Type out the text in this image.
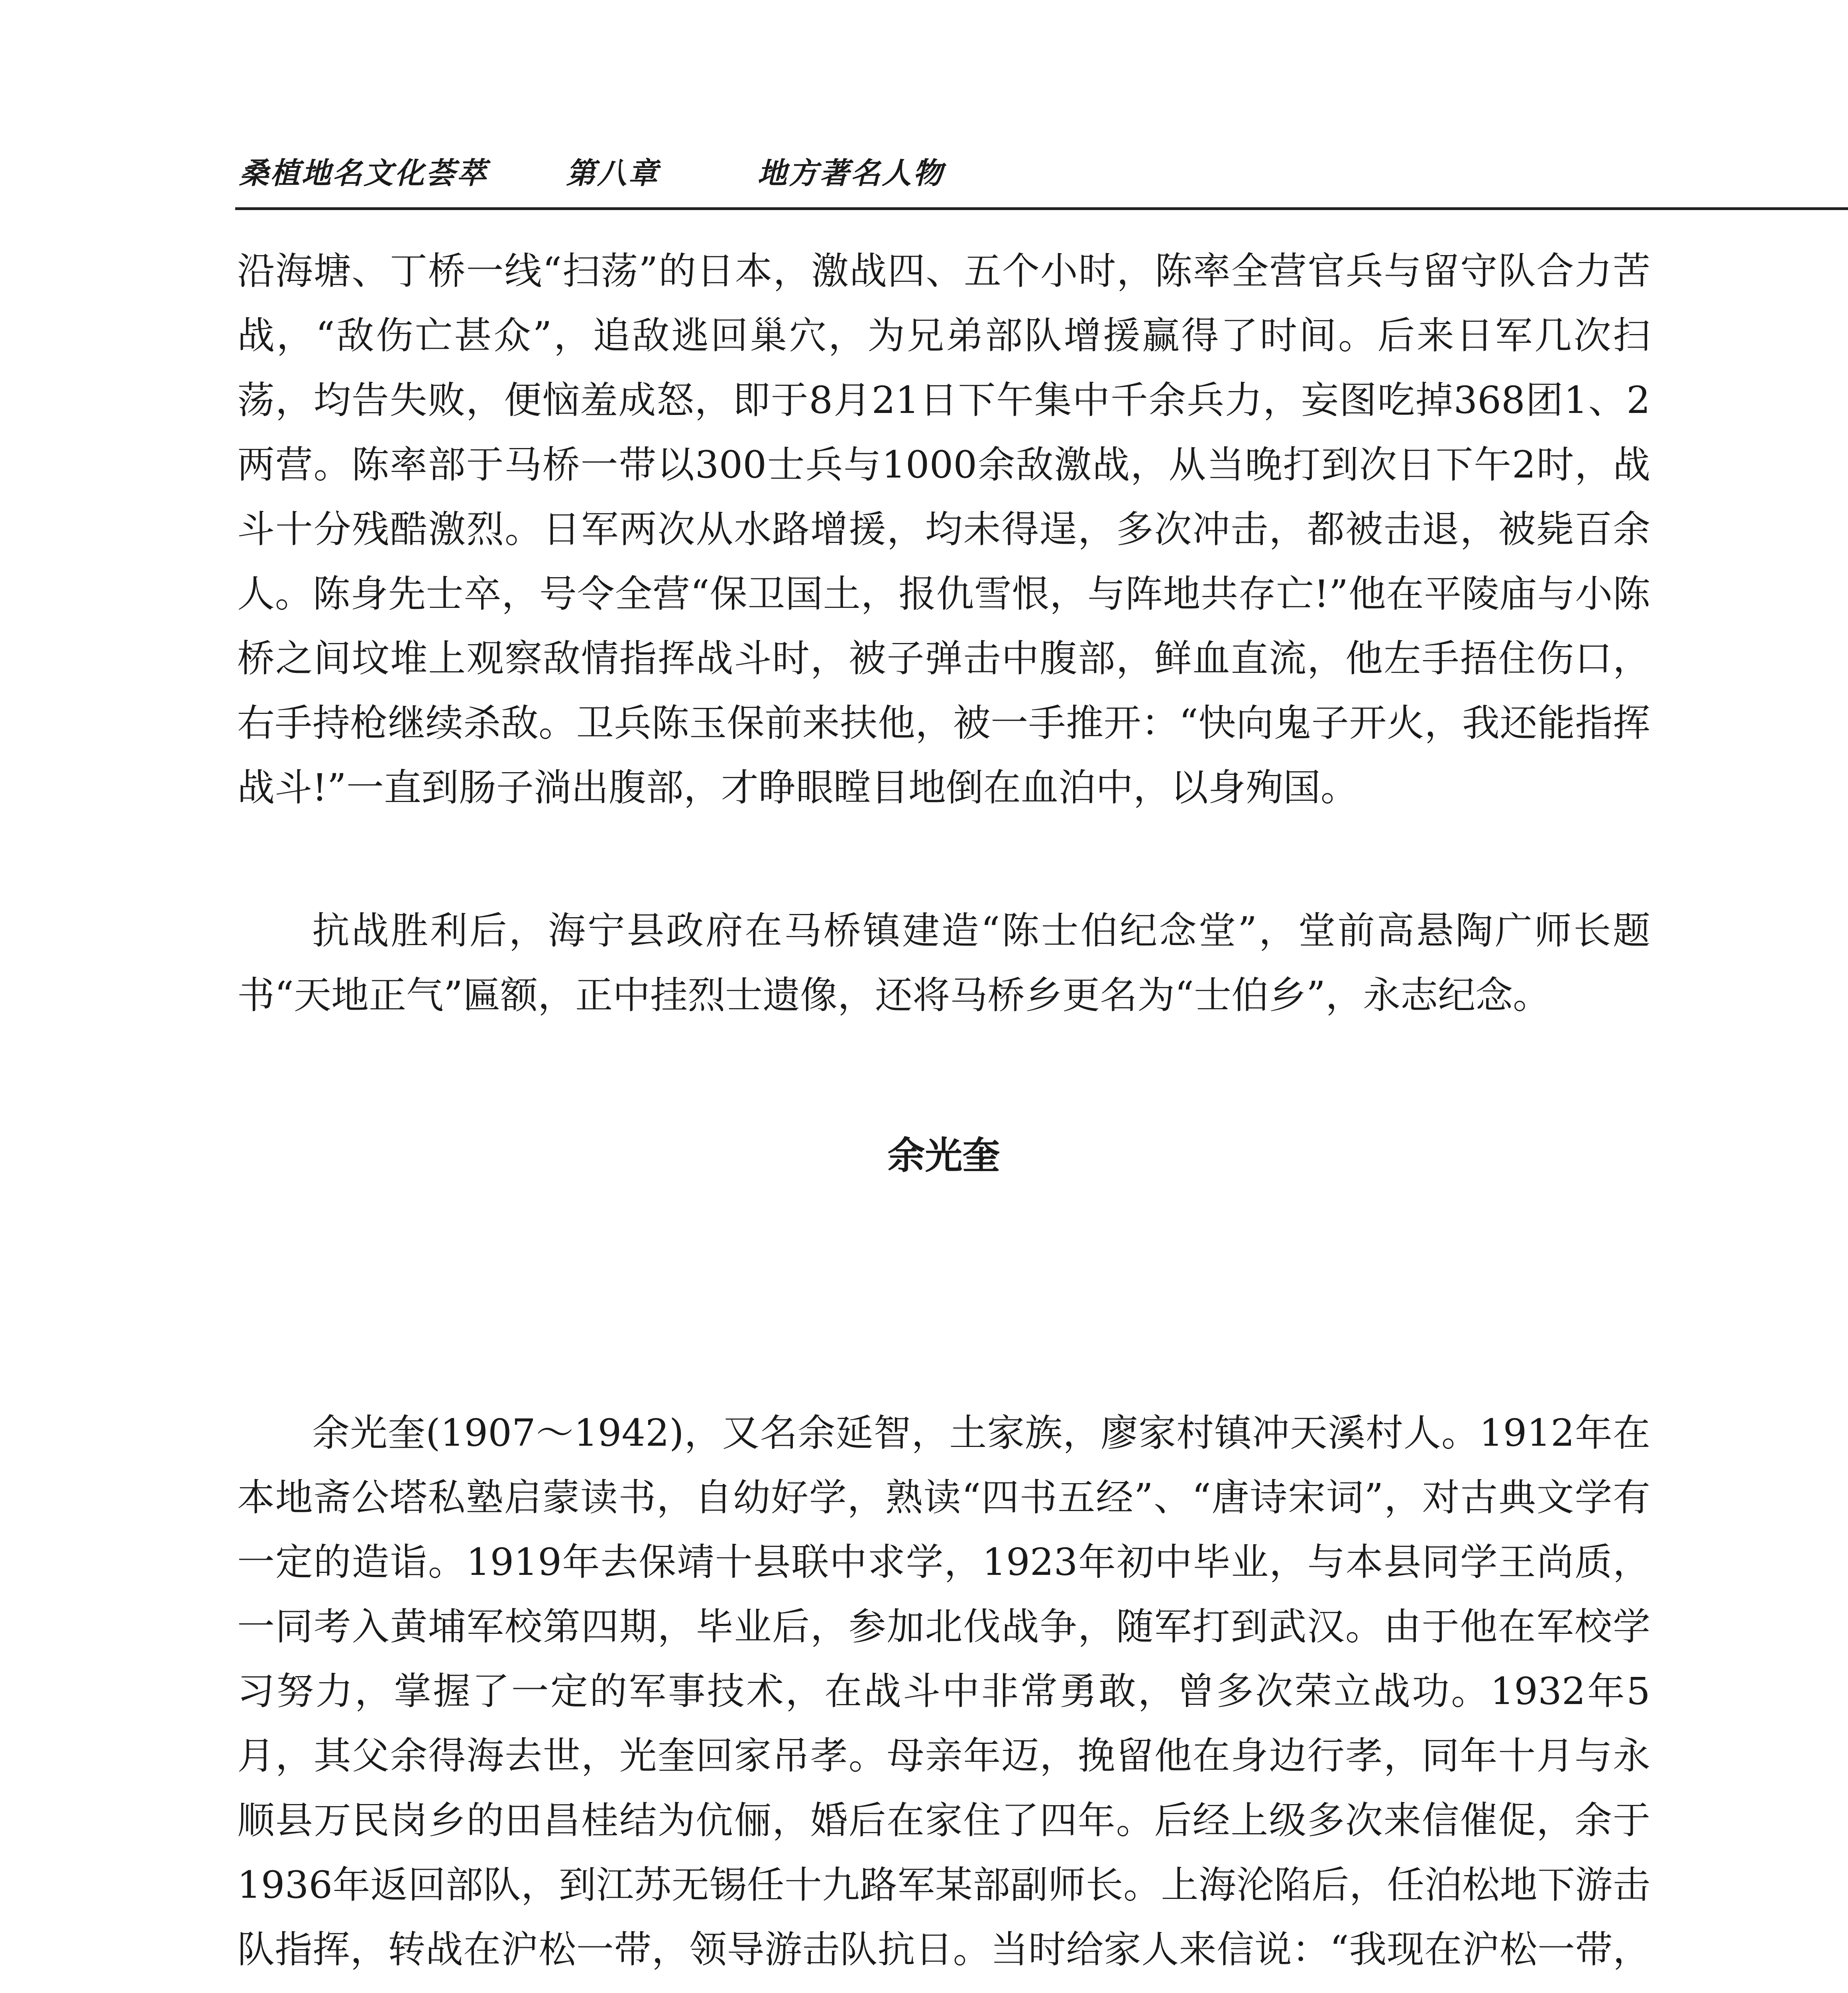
桑植地名文化荟萃	第八章	地方著名人物

沿海塘、丁桥一线“扫荡”的日本，激战四、五个小时，陈率全营官兵与留守队合力苦战，“敌伤亡甚众”，追敌逃回巢穴，为兄弟部队增援赢得了时间。后来日军几次扫荡，均告失败，便恼羞成怒，即于8月21日下午集中千余兵力，妄图吃掉368团1、2两营。陈率部于马桥一带以300士兵与1000余敌激战，从当晚打到次日下午2时，战斗十分残酷激烈。日军两次从水路增援，均未得逞，多次冲击，都被击退，被毙百余人。陈身先士卒，号令全营“保卫国土，报仇雪恨，与阵地共存亡!”他在平陵庙与小陈桥之间坟堆上观察敌情指挥战斗时，被子弹击中腹部，鲜血直流，他左手捂住伤口，右手持枪继续杀敌。卫兵陈玉保前来扶他，被一手推开：“快向鬼子开火，我还能指挥战斗!”一直到肠子淌出腹部，才睁眼瞠目地倒在血泊中，以身殉国。

抗战胜利后，海宁县政府在马桥镇建造“陈士伯纪念堂”，堂前高悬陶广师长题书“天地正气”匾额，正中挂烈士遗像，还将马桥乡更名为“士伯乡”，永志纪念。

余光奎

余光奎(1907～1942)，又名余延智，土家族，廖家村镇冲天溪村人。1912年在本地斋公塔私塾启蒙读书，自幼好学，熟读“四书五经”、“唐诗宋词”，对古典文学有一定的造诣。1919年去保靖十县联中求学，1923年初中毕业，与本县同学王尚质，一同考入黄埔军校第四期，毕业后，参加北伐战争，随军打到武汉。由于他在军校学习努力，掌握了一定的军事技术，在战斗中非常勇敢，曾多次荣立战功。1932年5月，其父余得海去世，光奎回家吊孝。母亲年迈，挽留他在身边行孝，同年十月与永顺县万民岗乡的田昌桂结为伉俪，婚后在家住了四年。后经上级多次来信催促，余于1936年返回部队，到江苏无锡任十九路军某部副师长。上海沦陷后，任泊松地下游击队指挥，转战在沪松一带，领导游击队抗日。当时给家人来信说：“我现在沪松一带，
